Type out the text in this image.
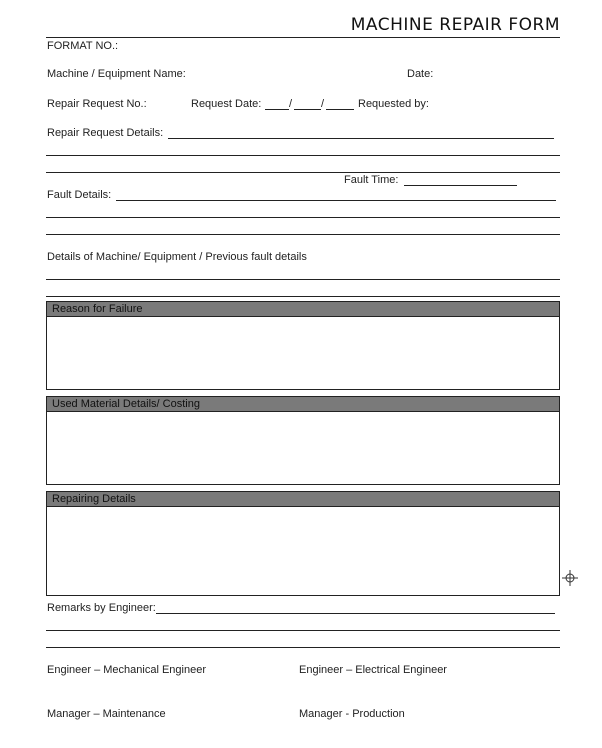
MACHINE REPAIR FORM
FORMAT NO.:
Machine / Equipment Name:	Date:
Repair Request No.:	Request Date:	/	/	Requested by:
Repair Request Details:
Fault Time:
Fault Details:
Details of Machine/ Equipment / Previous fault details
Reason for Failure
Used Material Details/ Costing
Repairing Details
Remarks by Engineer:
Engineer – Mechanical Engineer	Engineer – Electrical Engineer
Manager – Maintenance	Manager - Production
